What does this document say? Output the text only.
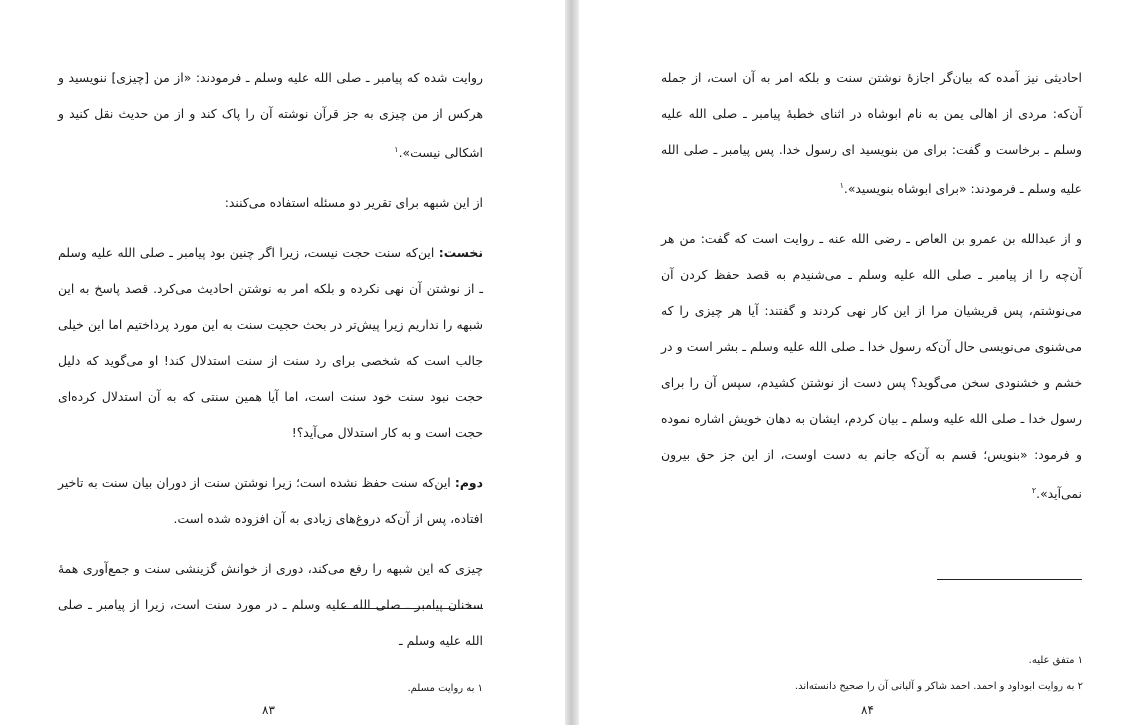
روایت شده که پیامبر ـ صلی الله علیه وسلم ـ فرمودند: «از من [چیزی] ننویسید و هرکس از من چیزی به جز قرآن نوشته آن را پاک کند و از من حدیث نقل کنید و اشکالی نیست».$^۱$

از این شبهه برای تقریر دو مسئله استفاده می‌کنند:

نخست: این‌که سنت حجت نیست، زیرا اگر چنین بود پیامبر ـ صلی الله علیه وسلم ـ از نوشتن آن نهی نکرده و بلکه امر به نوشتن احادیث می‌کرد. قصد پاسخ به این شبهه را نداریم زیرا پیش‌تر در بحث حجیت سنت به این مورد پرداختیم اما این خیلی جالب است که شخصی برای رد سنت از سنت استدلال کند! او می‌گوید که دلیل حجت نبود سنت خود سنت است، اما آیا همین سنتی که به آن استدلال کرده‌ای حجت است و به کار استدلال می‌آید؟!

دوم: این‌که سنت حفظ نشده است؛ زیرا نوشتن سنت از دوران بیان سنت به تاخیر افتاده، پس از آن‌که دروغ‌های زیادی به آن افزوده شده است.

چیزی که این شبهه را رفع می‌کند، دوری از خوانش گزینشی سنت و جمع‌آوری همهٔ سخنان پیامبر ـ صلی الله علیه وسلم ـ در مورد سنت است، زیرا از پیامبر ـ صلی الله علیه وسلم ـ

۱ به روایت مسلم.
۸۳

احادیثی نیز آمده که بیان‌گر اجازهٔ نوشتن سنت و بلکه امر به آن است، از جمله آن‌که: مردی از اهالی یمن به نام ابوشاه در اثنای خطبهٔ پیامبر ـ صلی الله علیه وسلم ـ برخاست و گفت: برای من بنویسید ای رسول خدا. پس پیامبر ـ صلی الله علیه وسلم ـ فرمودند: «برای ابوشاه بنویسید».$^۱$

و از عبدالله بن عمرو بن العاص ـ رضی الله عنه ـ روایت است که گفت: من هر آن‌چه را از پیامبر ـ صلی الله علیه وسلم ـ می‌شنیدم به قصد حفظ کردن آن می‌نوشتم، پس قریشیان مرا از این کار نهی کردند و گفتند: آیا هر چیزی را که می‌شنوی می‌نویسی حال آن‌که رسول خدا ـ صلی الله علیه وسلم ـ بشر است و در خشم و خشنودی سخن می‌گوید؟ پس دست از نوشتن کشیدم، سپس آن را برای رسول خدا ـ صلی الله علیه وسلم ـ بیان کردم، ایشان به دهان خویش اشاره نموده و فرمود: «بنویس؛ قسم به آن‌که جانم به دست اوست، از این جز حق بیرون نمی‌آید».$^۲$

۱ متفق علیه.
۲ به روایت ابوداود و احمد. احمد شاکر و آلبانی آن را صحیح دانسته‌اند.
۸۴
